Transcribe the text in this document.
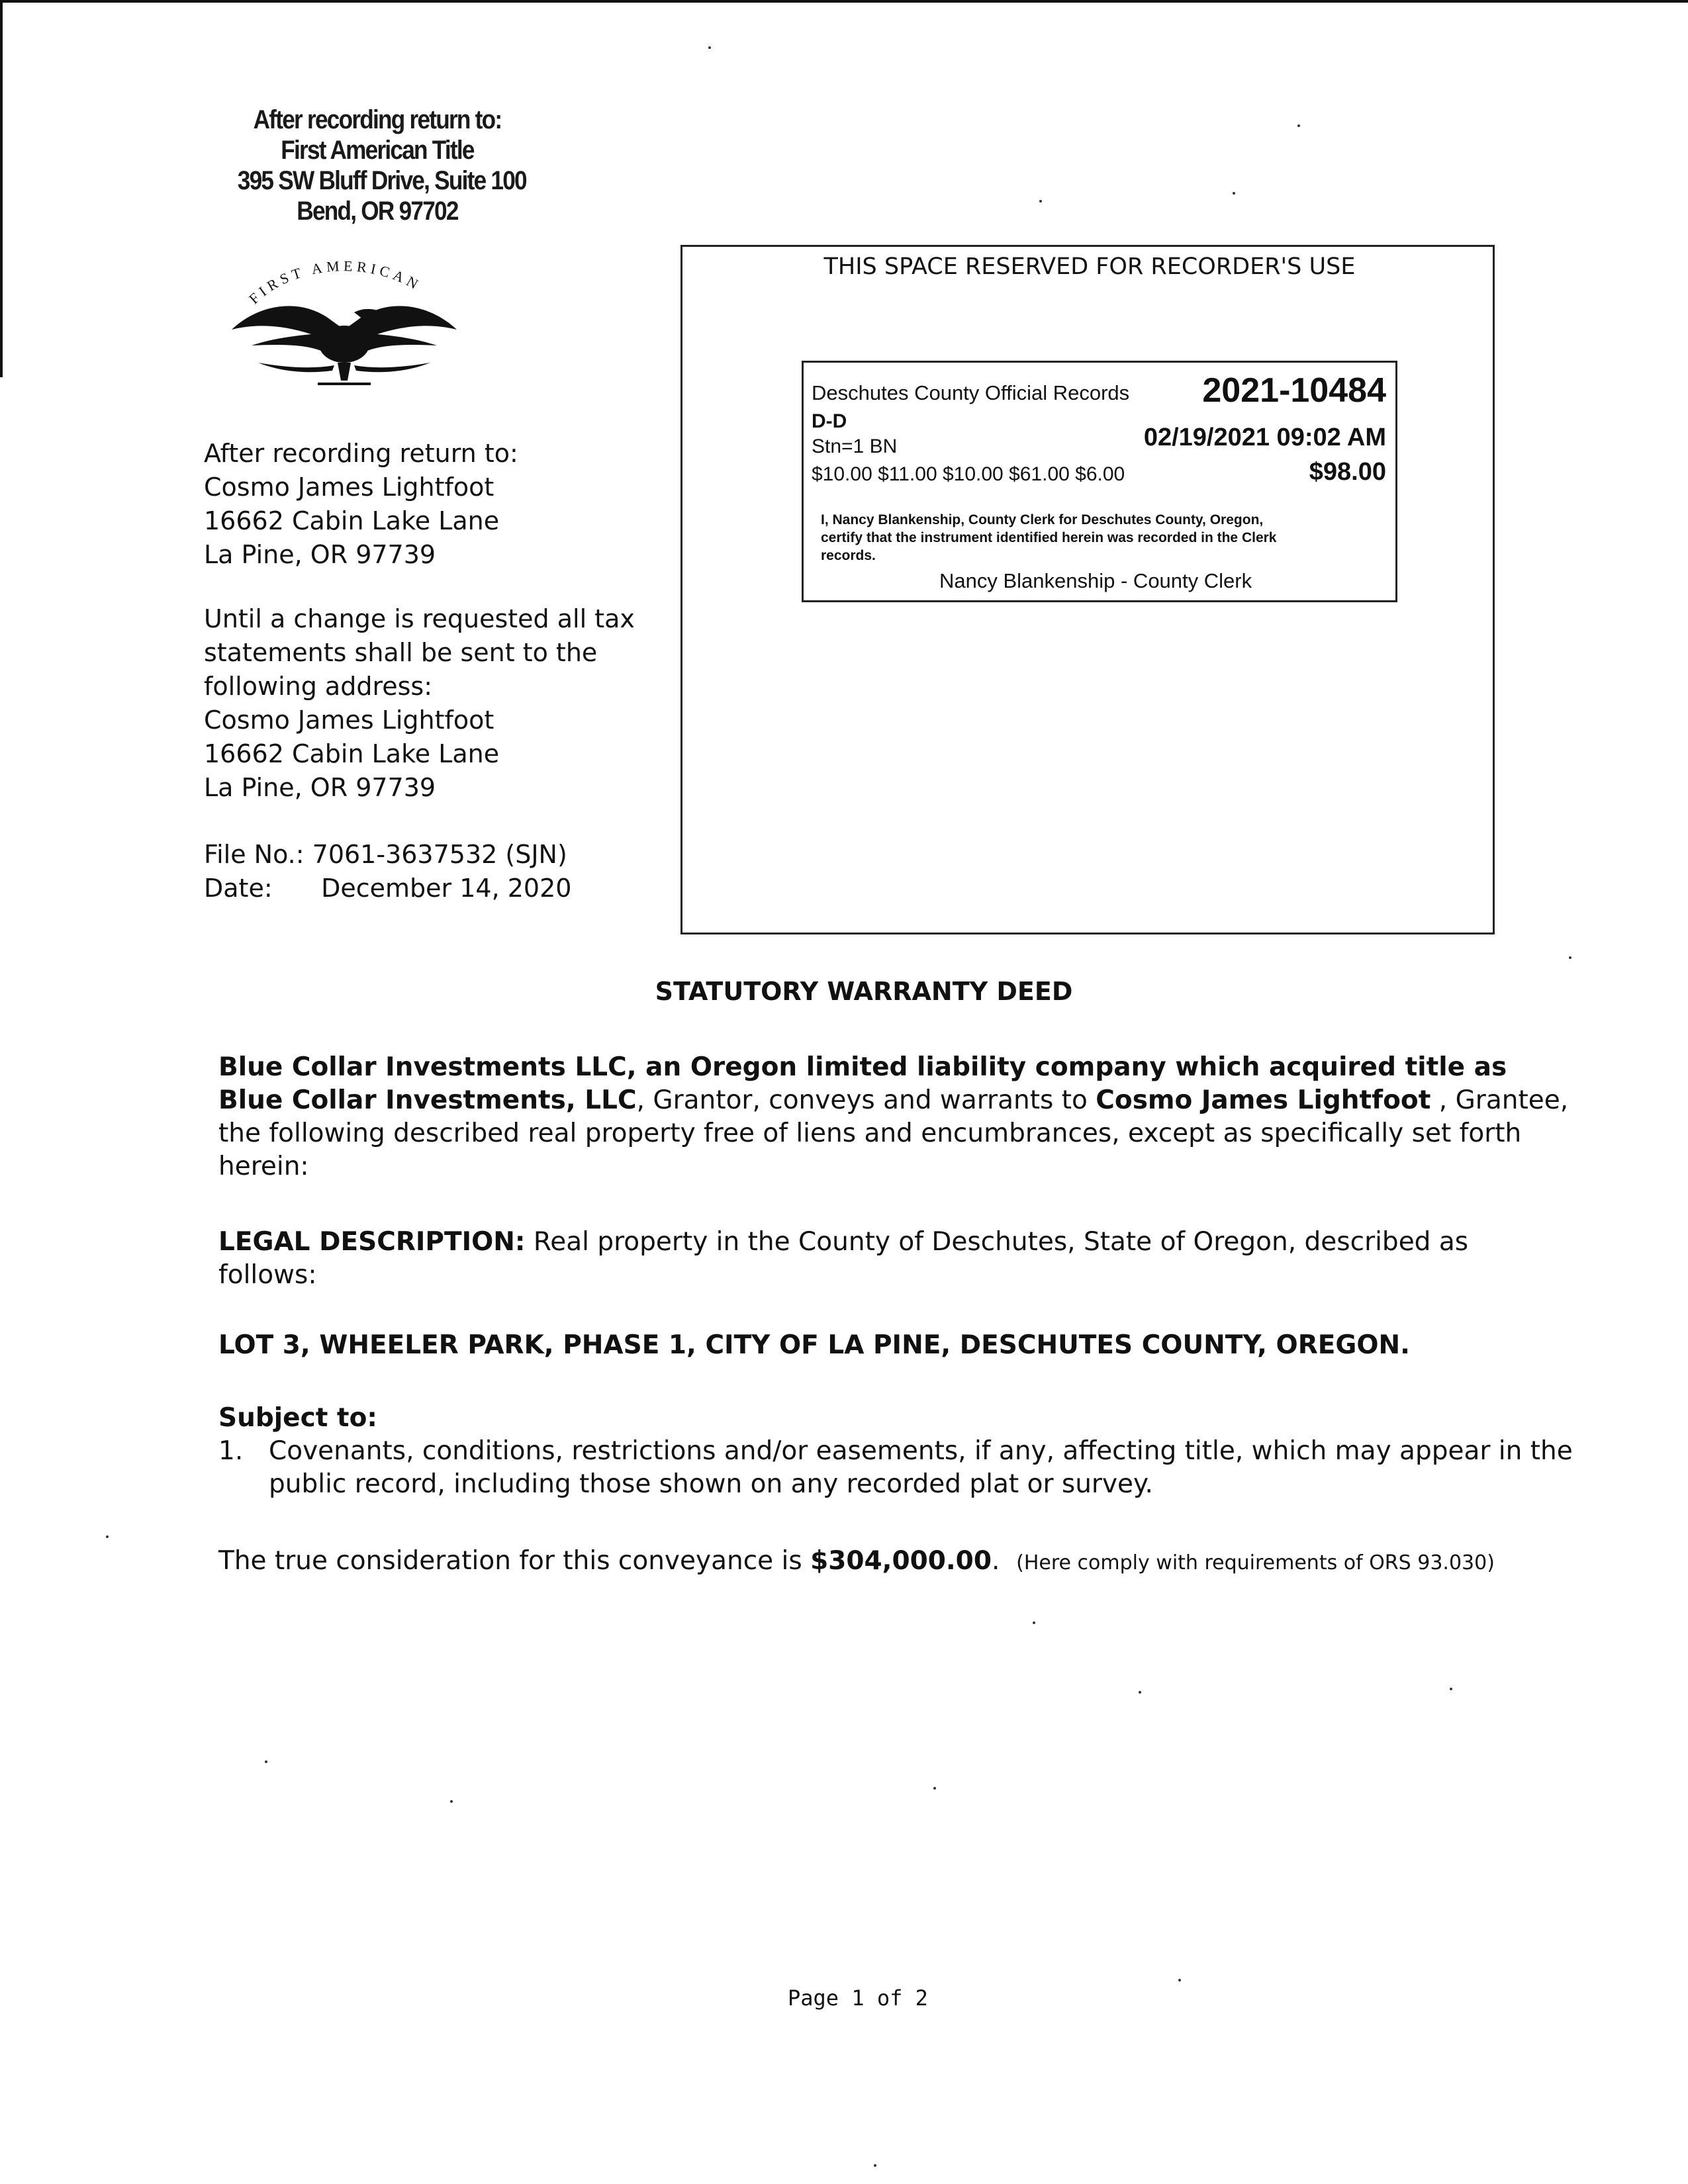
After recording return to:
First American Title
395 SW Bluff Drive, Suite 100
Bend, OR 97702
FIRST AMERICAN
After recording return to:
Cosmo James Lightfoot
16662 Cabin Lake Lane
La Pine, OR 97739
Until a change is requested all tax
statements shall be sent to the
following address:
Cosmo James Lightfoot
16662 Cabin Lake Lane
La Pine, OR 97739
File No.: 7061-3637532 (SJN)
Date: December 14, 2020
THIS SPACE RESERVED FOR RECORDER'S USE
Deschutes County Official Records 2021-10484
D-D
Stn=1 BN	02/19/2021 09:02 AM
$10.00 $11.00 $10.00 $61.00 $6.00	$98.00
I, Nancy Blankenship, County Clerk for Deschutes County, Oregon,
certify that the instrument identified herein was recorded in the Clerk
records.
Nancy Blankenship - County Clerk
STATUTORY WARRANTY DEED
Blue Collar Investments LLC, an Oregon limited liability company which acquired title as
Blue Collar Investments, LLC, Grantor, conveys and warrants to Cosmo James Lightfoot , Grantee,
the following described real property free of liens and encumbrances, except as specifically set forth
herein:
LEGAL DESCRIPTION: Real property in the County of Deschutes, State of Oregon, described as
follows:
LOT 3, WHEELER PARK, PHASE 1, CITY OF LA PINE, DESCHUTES COUNTY, OREGON.
Subject to:
1. Covenants, conditions, restrictions and/or easements, if any, affecting title, which may appear in the
public record, including those shown on any recorded plat or survey.
The true consideration for this conveyance is $304,000.00. (Here comply with requirements of ORS 93.030)
Page 1 of 2
